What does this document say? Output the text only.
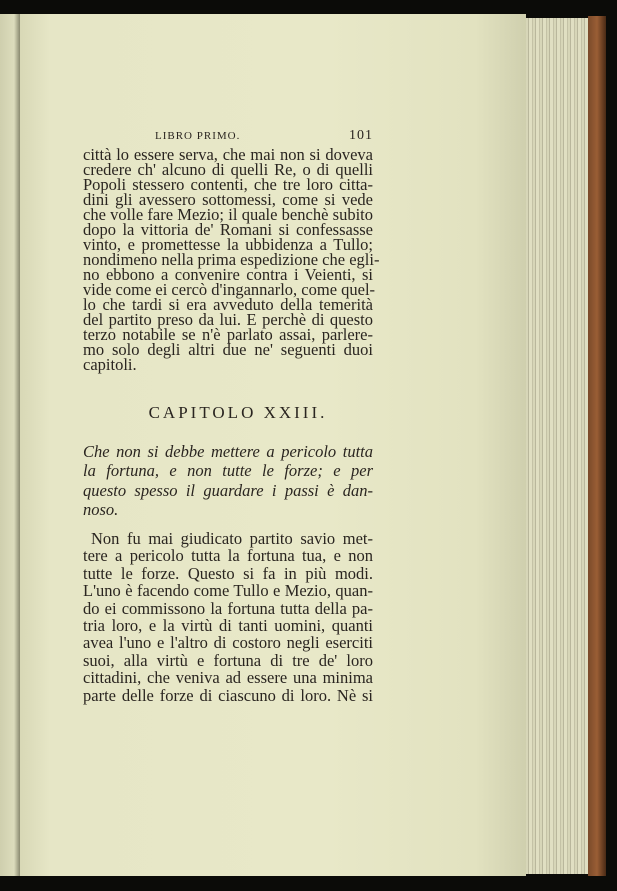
LIBRO PRIMO.	101
città lo essere serva, che mai non si doveva
credere ch' alcuno di quelli Re, o di quelli
Popoli stessero contenti, che tre loro citta-
dini gli avessero sottomessi, come si vede
che volle fare Mezio; il quale benchè subito
dopo la vittoria de' Romani si confessasse
vinto, e promettesse la ubbidenza a Tullo;
nondimeno nella prima espedizione che egli-
no ebbono a convenire contra i Veienti, si
vide come ei cercò d'ingannarlo, come quel-
lo che tardi si era avveduto della temerità
del partito preso da lui. E perchè di questo
terzo notabile se n'è parlato assai, parlere-
mo solo degli altri due ne' seguenti duoi
capitoli.
CAPITOLO XXIII.
Che non si debbe mettere a pericolo tutta
la fortuna, e non tutte le forze; e per
questo spesso il guardare i passi è dan-
noso.
Non fu mai giudicato partito savio met-
tere a pericolo tutta la fortuna tua, e non
tutte le forze. Questo si fa in più modi.
L'uno è facendo come Tullo e Mezio, quan-
do ei commissono la fortuna tutta della pa-
tria loro, e la virtù di tanti uomini, quanti
avea l'uno e l'altro di costoro negli eserciti
suoi, alla virtù e fortuna di tre de' loro
cittadini, che veniva ad essere una minima
parte delle forze di ciascuno di loro. Nè si
